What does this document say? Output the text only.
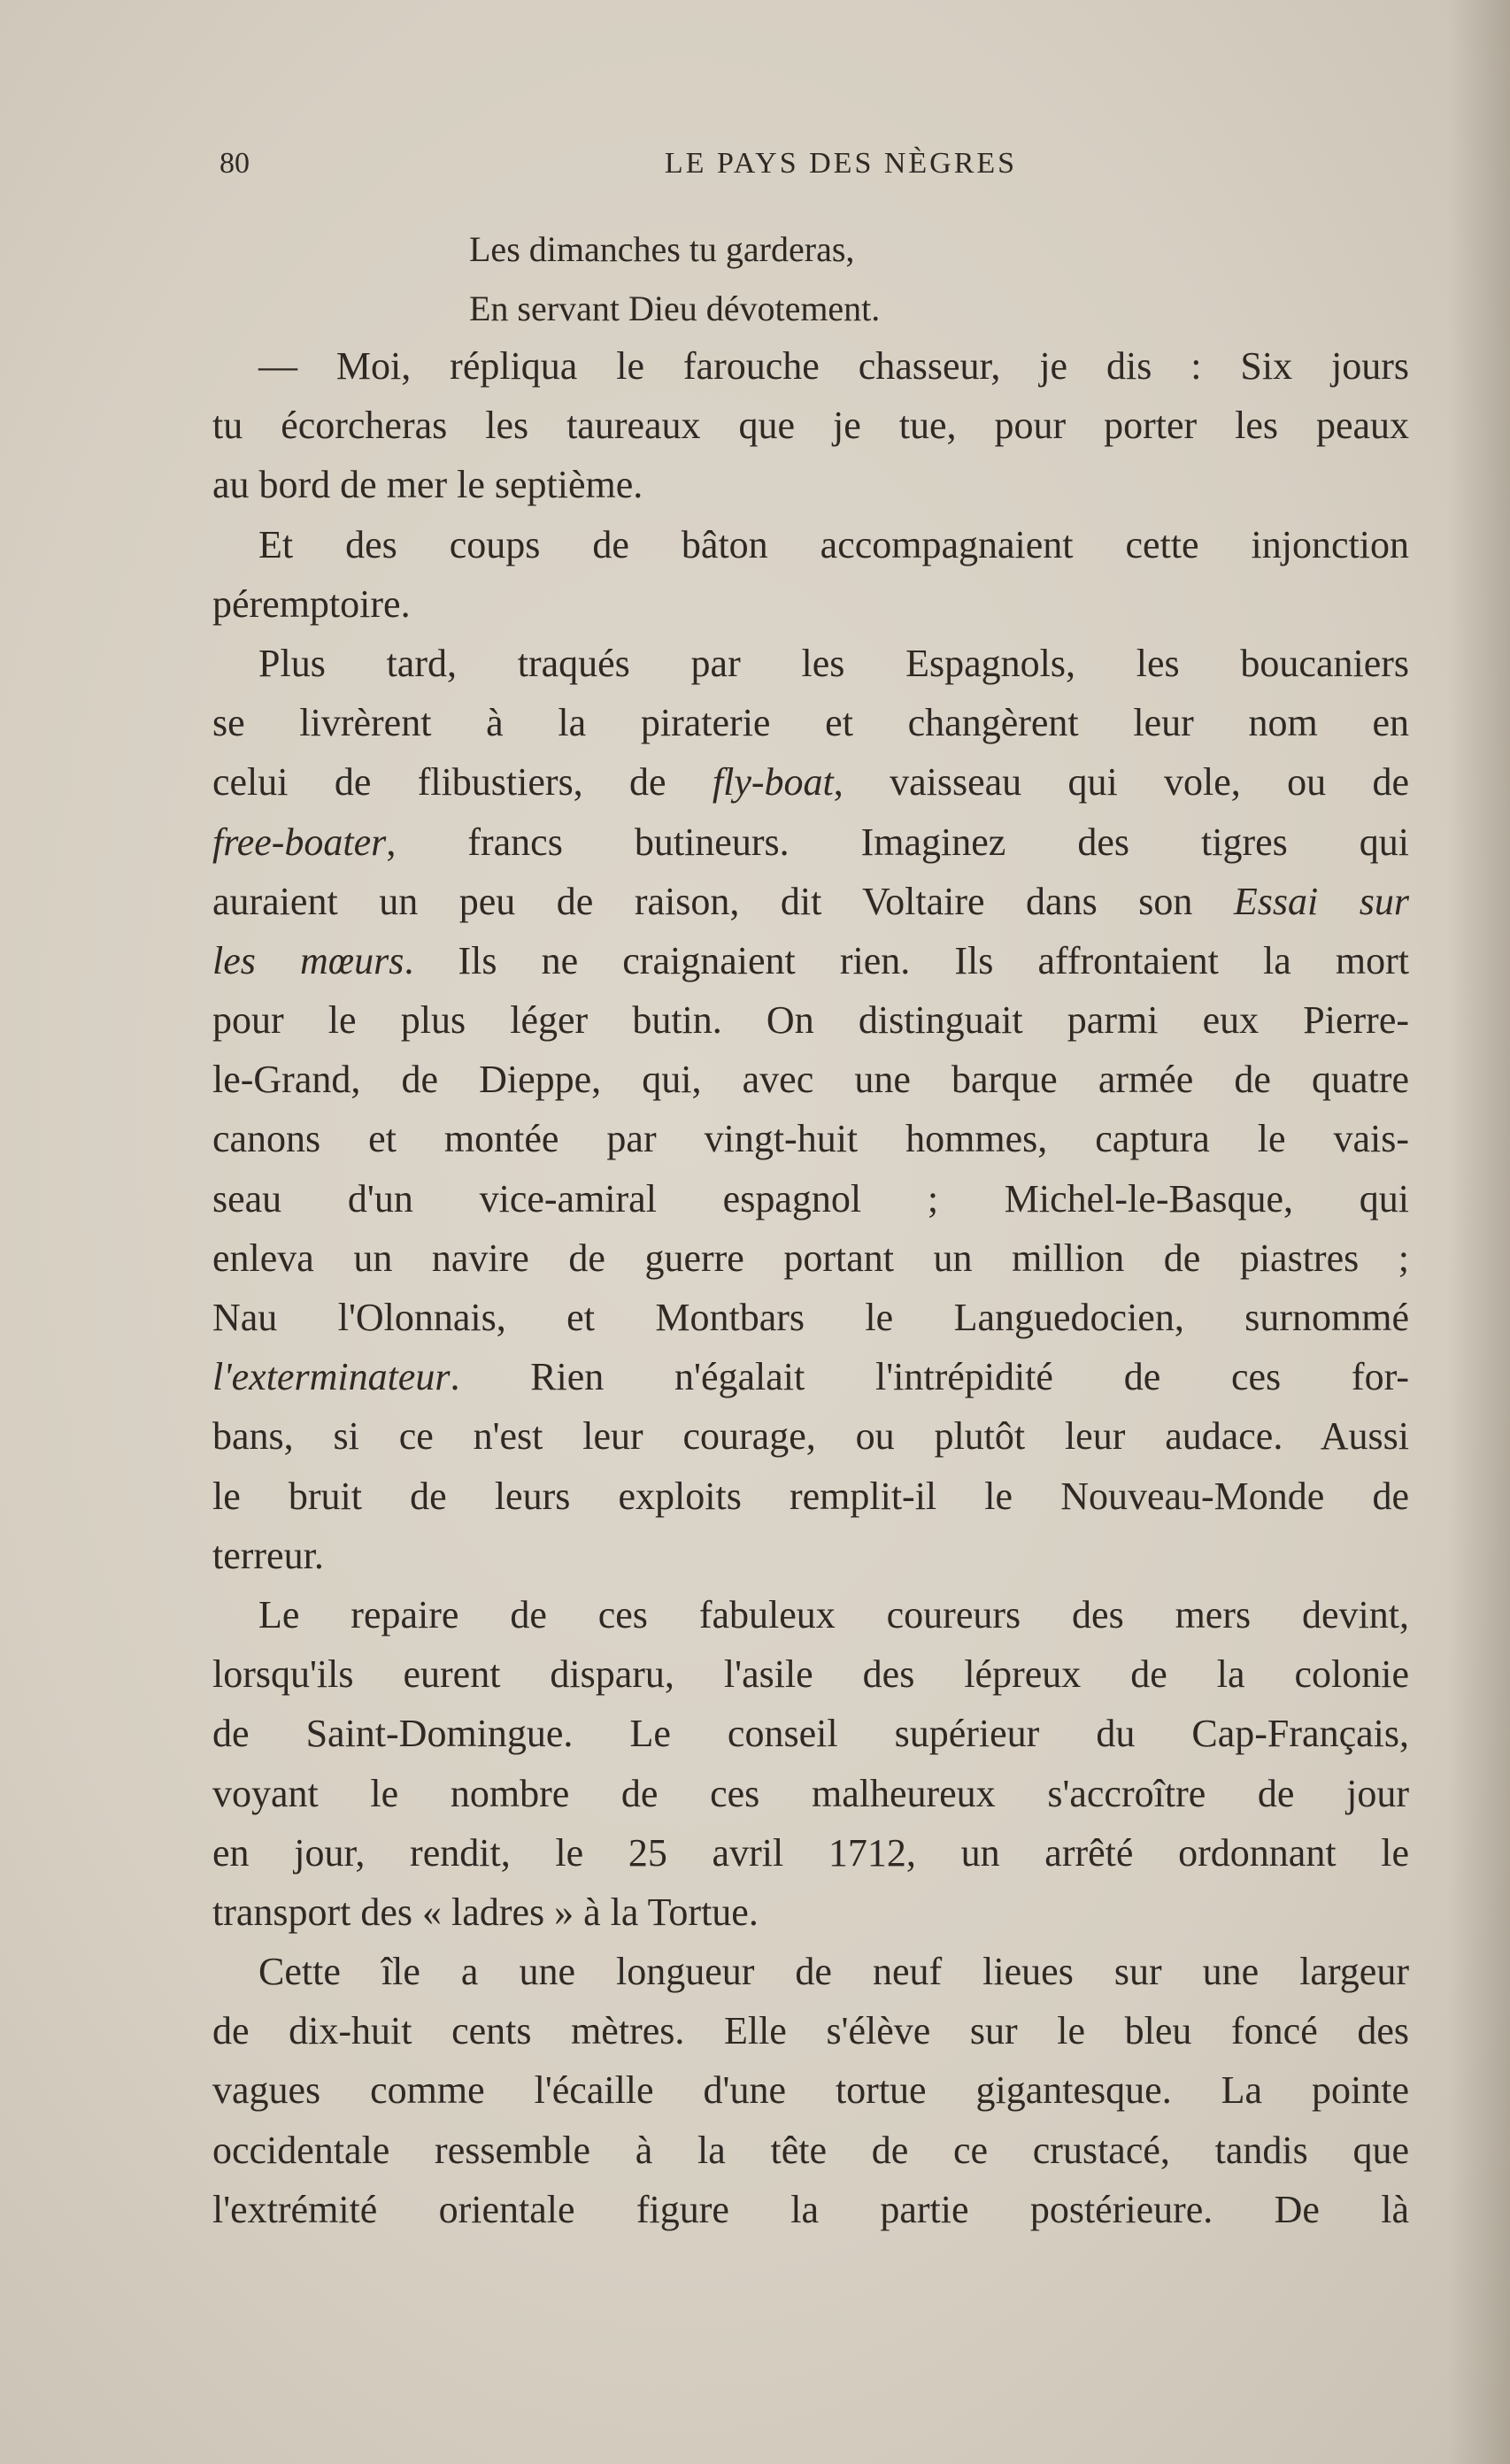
80	LE PAYS DES NÈGRES
Les dimanches tu garderas,
En servant Dieu dévotement.
— Moi, répliqua le farouche chasseur, je dis : Six jours
tu écorcheras les taureaux que je tue, pour porter les peaux
au bord de mer le septième.
Et des coups de bâton accompagnaient cette injonction
péremptoire.
Plus tard, traqués par les Espagnols, les boucaniers
se livrèrent à la piraterie et changèrent leur nom en
celui de flibustiers, de fly-boat, vaisseau qui vole, ou de
free-boater, francs butineurs. Imaginez des tigres qui
auraient un peu de raison, dit Voltaire dans son Essai sur
les mœurs. Ils ne craignaient rien. Ils affrontaient la mort
pour le plus léger butin. On distinguait parmi eux Pierre-
le-Grand, de Dieppe, qui, avec une barque armée de quatre
canons et montée par vingt-huit hommes, captura le vais-
seau d'un vice-amiral espagnol ; Michel-le-Basque, qui
enleva un navire de guerre portant un million de piastres ;
Nau l'Olonnais, et Montbars le Languedocien, surnommé
l'exterminateur. Rien n'égalait l'intrépidité de ces for-
bans, si ce n'est leur courage, ou plutôt leur audace. Aussi
le bruit de leurs exploits remplit-il le Nouveau-Monde de
terreur.
Le repaire de ces fabuleux coureurs des mers devint,
lorsqu'ils eurent disparu, l'asile des lépreux de la colonie
de Saint-Domingue. Le conseil supérieur du Cap-Français,
voyant le nombre de ces malheureux s'accroître de jour
en jour, rendit, le 25 avril 1712, un arrêté ordonnant le
transport des « ladres » à la Tortue.
Cette île a une longueur de neuf lieues sur une largeur
de dix-huit cents mètres. Elle s'élève sur le bleu foncé des
vagues comme l'écaille d'une tortue gigantesque. La pointe
occidentale ressemble à la tête de ce crustacé, tandis que
l'extrémité orientale figure la partie postérieure. De là
